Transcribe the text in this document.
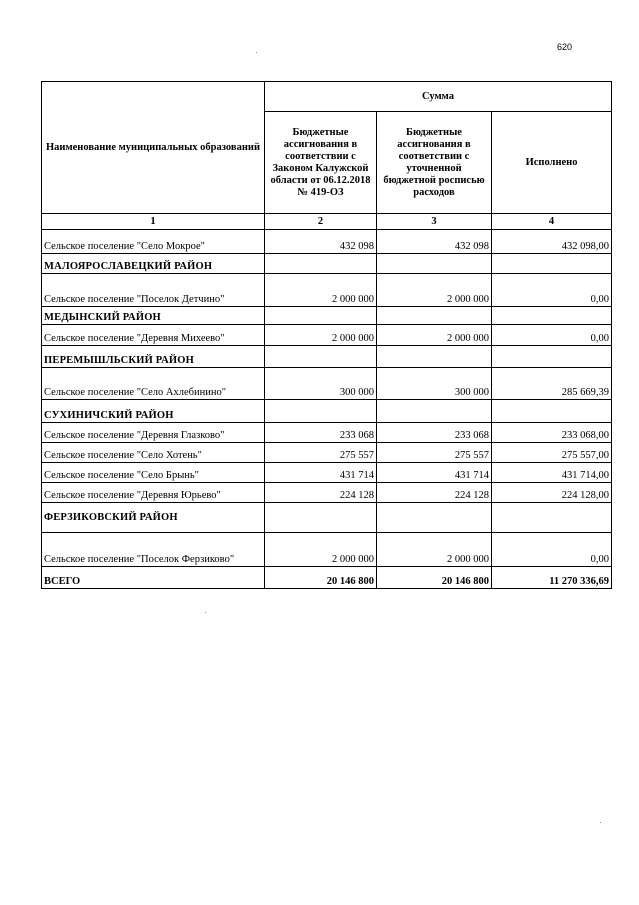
620
Наименование муниципальных образований	Сумма		
	Бюджетные ассигнования в соответствии с Законом Калужской области от 06.12.2018 № 419-ОЗ	Бюджетные ассигнования в соответствии с уточненной бюджетной росписью расходов	Исполнено
1	2	3	4
Сельское поселение "Село Мокрое"	432 098	432 098	432 098,00
МАЛОЯРОСЛАВЕЦКИЙ РАЙОН			
Сельское поселение "Поселок Детчино"	2 000 000	2 000 000	0,00
МЕДЫНСКИЙ РАЙОН			
Сельское поселение "Деревня Михеево"	2 000 000	2 000 000	0,00
ПЕРЕМЫШЛЬСКИЙ РАЙОН			
Сельское поселение "Село Ахлебинино"	300 000	300 000	285 669,39
СУХИНИЧСКИЙ РАЙОН			
Сельское поселение "Деревня Глазково"	233 068	233 068	233 068,00
Сельское поселение "Село Хотень"	275 557	275 557	275 557,00
Сельское поселение "Село Брынь"	431 714	431 714	431 714,00
Сельское поселение "Деревня Юрьево"	224 128	224 128	224 128,00
ФЕРЗИКОВСКИЙ РАЙОН			
Сельское поселение "Поселок Ферзиково"	2 000 000	2 000 000	0,00
ВСЕГО	20 146 800	20 146 800	11 270 336,69
